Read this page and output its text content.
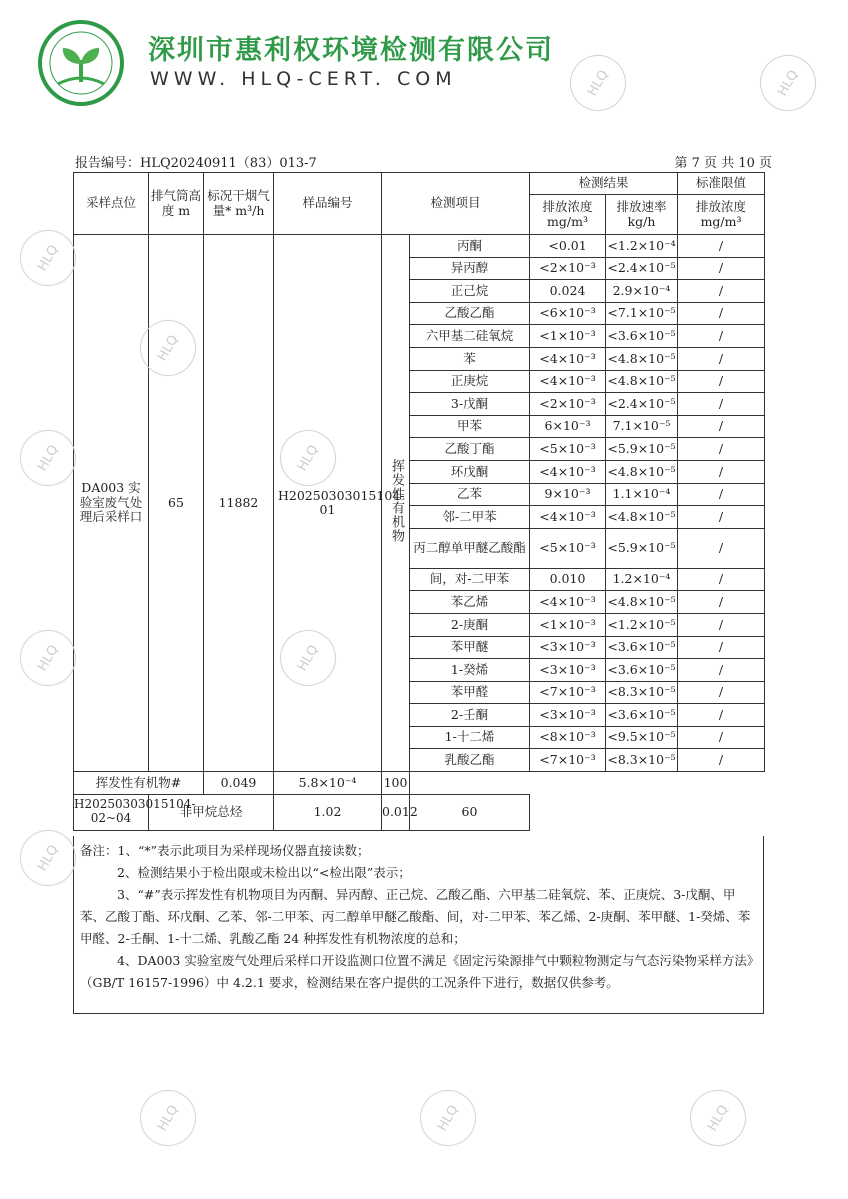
深圳市惠利权环境检测有限公司
WWW. HLQ-CERT. COM
报告编号：HLQ20240911（83）013-7	第 7 页 共 10 页
采样点位	排气筒高度 m	标况干烟气量* m³/h	样品编号	检测项目		检测结果		标准限值
						排放浓度 mg/m³	排放速率 kg/h	排放浓度 mg/m³
DA003 实验室废气处理后采样口	65	11882	H20250303015104-01	挥发性有机物	丙酮	<0.01	<1.2×10⁻⁴	/
					异丙醇	<2×10⁻³	<2.4×10⁻⁵	/
					正己烷	0.024	2.9×10⁻⁴	/
					乙酸乙酯	<6×10⁻³	<7.1×10⁻⁵	/
					六甲基二硅氧烷	<1×10⁻³	<3.6×10⁻⁵	/
					苯	<4×10⁻³	<4.8×10⁻⁵	/
					正庚烷	<4×10⁻³	<4.8×10⁻⁵	/
					3-戊酮	<2×10⁻³	<2.4×10⁻⁵	/
					甲苯	6×10⁻³	7.1×10⁻⁵	/
					乙酸丁酯	<5×10⁻³	<5.9×10⁻⁵	/
					环戊酮	<4×10⁻³	<4.8×10⁻⁵	/
					乙苯	9×10⁻³	1.1×10⁻⁴	/
					邻-二甲苯	<4×10⁻³	<4.8×10⁻⁵	/
					丙二醇单甲醚乙酸酯	<5×10⁻³	<5.9×10⁻⁵	/
					间，对-二甲苯	0.010	1.2×10⁻⁴	/
					苯乙烯	<4×10⁻³	<4.8×10⁻⁵	/
					2-庚酮	<1×10⁻³	<1.2×10⁻⁵	/
					苯甲醚	<3×10⁻³	<3.6×10⁻⁵	/
					1-癸烯	<3×10⁻³	<3.6×10⁻⁵	/
					苯甲醛	<7×10⁻³	<8.3×10⁻⁵	/
					2-壬酮	<3×10⁻³	<3.6×10⁻⁵	/
					1-十二烯	<8×10⁻³	<9.5×10⁻⁵	/
					乳酸乙酯	<7×10⁻³	<8.3×10⁻⁵	/
挥发性有机物#		0.049	5.8×10⁻⁴	100				
H20250303015104-02~04	非甲烷总烃		1.02	0.012	60			

备注：1、“*”表示此项目为采样现场仪器直接读数；

2、检测结果小于检出限或未检出以“<检出限”表示；

3、“#”表示挥发性有机物项目为丙酮、异丙醇、正己烷、乙酸乙酯、六甲基二硅氧烷、苯、正庚烷、3-戊酮、甲苯、乙酸丁酯、环戊酮、乙苯、邻-二甲苯、丙二醇单甲醚乙酸酯、间，对-二甲苯、苯乙烯、2-庚酮、苯甲醚、1-癸烯、苯甲醛、2-壬酮、1-十二烯、乳酸乙酯 24 种挥发性有机物浓度的总和；

4、DA003 实验室废气处理后采样口开设监测口位置不满足《固定污染源排气中颗粒物测定与气态污染物采样方法》（GB/T 16157-1996）中 4.2.1 要求，检测结果在客户提供的工况条件下进行，数据仅供参考。

HLQ	HLQ
HLQ
HLQ
HLQ
HLQ
HLQ
HLQ
HLQ
HLQ	HLQ	HLQ
